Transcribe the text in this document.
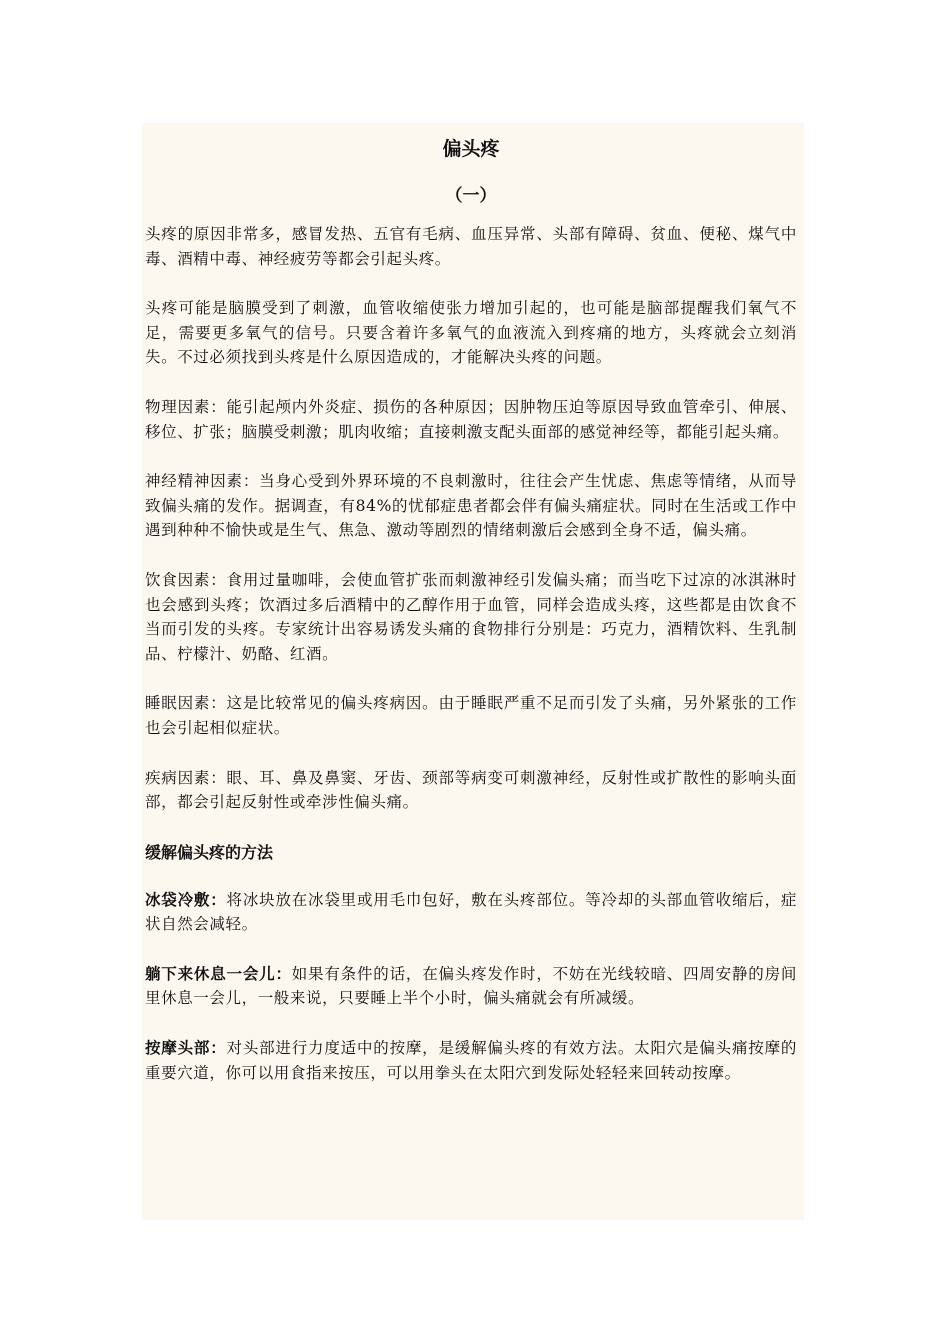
偏头疼
（一）

头疼的原因非常多，感冒发热、五官有毛病、血压异常、头部有障碍、贫血、便秘、煤气中毒、酒精中毒、神经疲劳等都会引起头疼。

头疼可能是脑膜受到了刺激，血管收缩使张力增加引起的，也可能是脑部提醒我们氧气不足，需要更多氧气的信号。只要含着许多氧气的血液流入到疼痛的地方，头疼就会立刻消失。不过必须找到头疼是什么原因造成的，才能解决头疼的问题。

物理因素：能引起颅内外炎症、损伤的各种原因；因肿物压迫等原因导致血管牵引、伸展、移位、扩张；脑膜受刺激；肌肉收缩；直接刺激支配头面部的感觉神经等，都能引起头痛。

神经精神因素：当身心受到外界环境的不良刺激时，往往会产生忧虑、焦虑等情绪，从而导致偏头痛的发作。据调查，有84%的忧郁症患者都会伴有偏头痛症状。同时在生活或工作中遇到种种不愉快或是生气、焦急、激动等剧烈的情绪刺激后会感到全身不适，偏头痛。

饮食因素：食用过量咖啡，会使血管扩张而刺激神经引发偏头痛；而当吃下过凉的冰淇淋时也会感到头疼；饮酒过多后酒精中的乙醇作用于血管，同样会造成头疼，这些都是由饮食不当而引发的头疼。专家统计出容易诱发头痛的食物排行分别是：巧克力，酒精饮料、生乳制品、柠檬汁、奶酪、红酒。

睡眠因素：这是比较常见的偏头疼病因。由于睡眠严重不足而引发了头痛，另外紧张的工作也会引起相似症状。

疾病因素：眼、耳、鼻及鼻窦、牙齿、颈部等病变可刺激神经，反射性或扩散性的影响头面部，都会引起反射性或牵涉性偏头痛。

缓解偏头疼的方法

冰袋冷敷：将冰块放在冰袋里或用毛巾包好，敷在头疼部位。等冷却的头部血管收缩后，症状自然会减轻。

躺下来休息一会儿：如果有条件的话，在偏头疼发作时，不妨在光线较暗、四周安静的房间里休息一会儿，一般来说，只要睡上半个小时，偏头痛就会有所减缓。

按摩头部：对头部进行力度适中的按摩，是缓解偏头疼的有效方法。太阳穴是偏头痛按摩的重要穴道，你可以用食指来按压，可以用拳头在太阳穴到发际处轻轻来回转动按摩。
